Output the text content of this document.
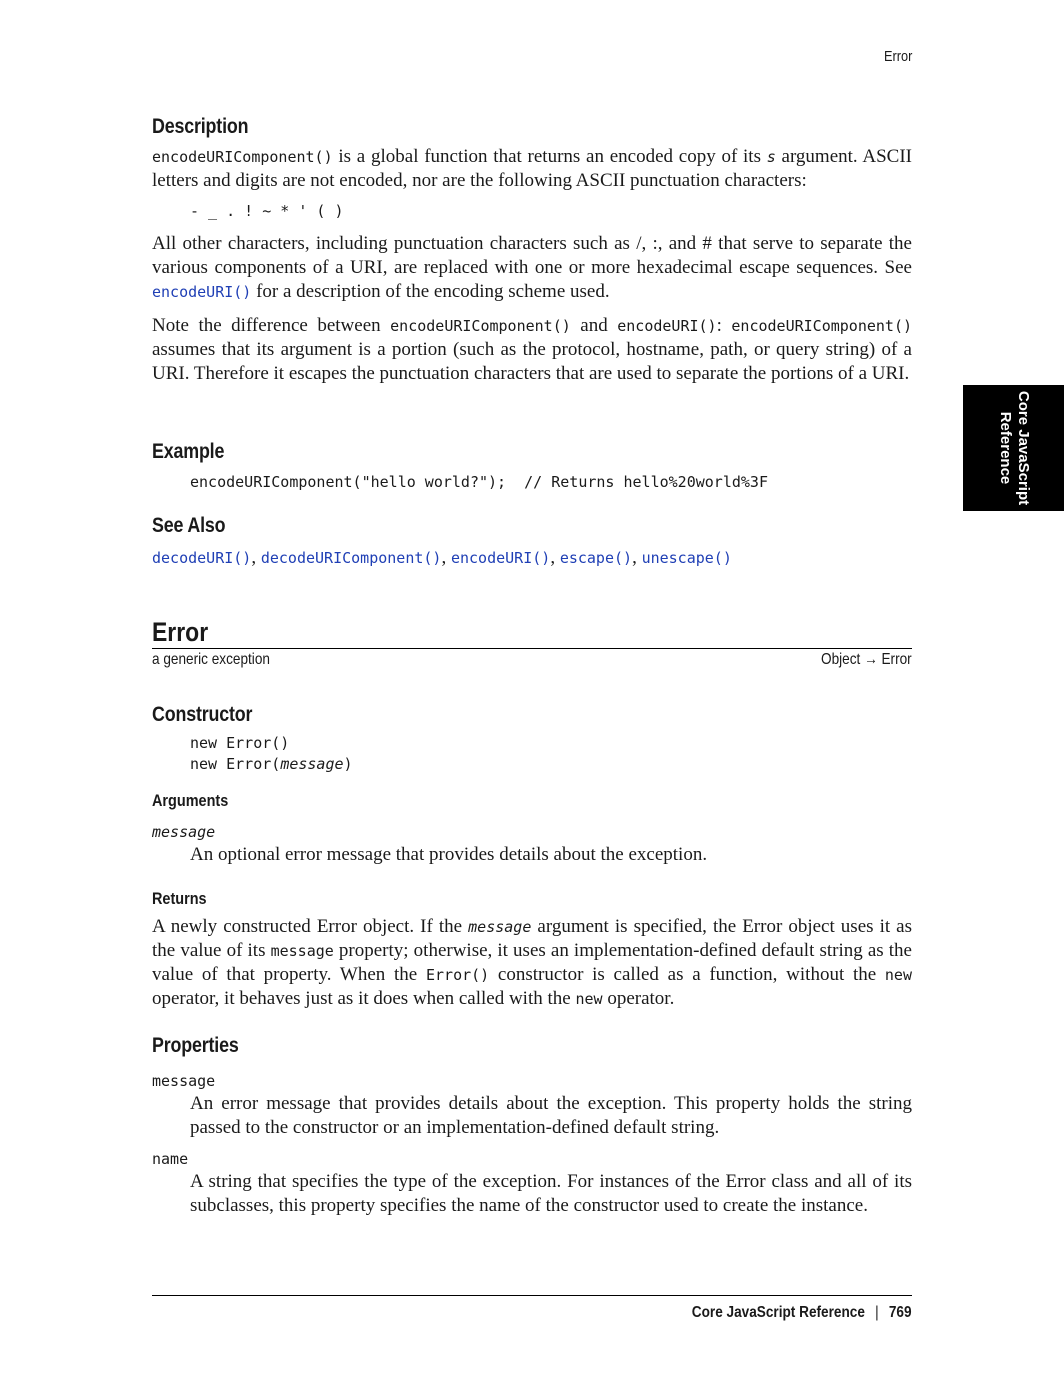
Error
Core JavaScript
Reference
Description

encodeURIComponent() is a global function that returns an encoded copy of its s argument. ASCII letters and digits are not encoded, nor are the following ASCII punctuation characters:

- _ . ! ~ * ' ( )

All other characters, including punctuation characters such as /, :, and # that serve to separate the various components of a URI, are replaced with one or more hexadecimal escape sequences. See encodeURI() for a description of the encoding scheme used.

Note the difference between encodeURIComponent() and encodeURI(): encodeURIComponent() assumes that its argument is a portion (such as the protocol, hostname, path, or query string) of a URI. Therefore it escapes the punctuation characters that are used to separate the portions of a URI.

Example
encodeURIComponent("hello world?");  // Returns hello%20world%3F
See Also

decodeURI(), decodeURIComponent(), encodeURI(), escape(), unescape()

Error
a generic exception	Object → Error
Constructor
new Error()
new Error(message)
Arguments
message

An optional error message that provides details about the exception.

Returns

A newly constructed Error object. If the message argument is specified, the Error object uses it as the value of its message property; otherwise, it uses an implementation-defined default string as the value of that property. When the Error() constructor is called as a function, without the new operator, it behaves just as it does when called with the new operator.

Properties
message

An error message that provides details about the exception. This property holds the string passed to the constructor or an implementation-defined default string.

name

A string that specifies the type of the exception. For instances of the Error class and all of its subclasses, this property specifies the name of the constructor used to create the instance.

Core JavaScript Reference | 769
